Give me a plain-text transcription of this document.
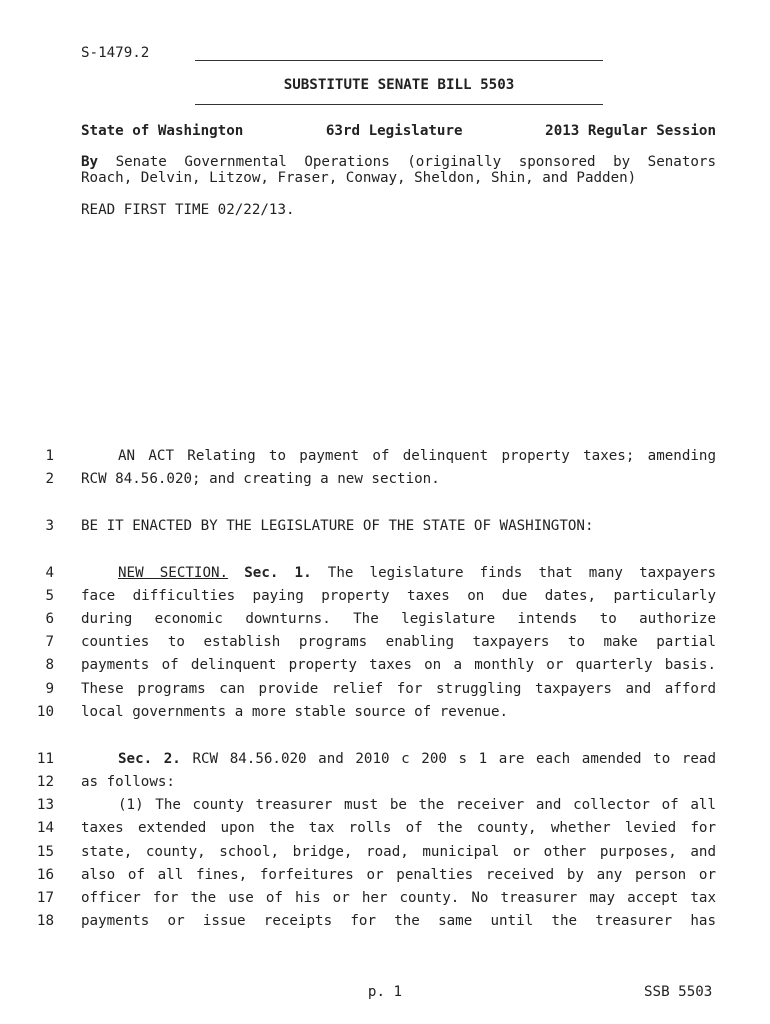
S-1479.2
SUBSTITUTE SENATE BILL 5503
State of Washington	63rd Legislature	2013 Regular Session
By Senate Governmental Operations (originally sponsored by Senators
Roach, Delvin, Litzow, Fraser, Conway, Sheldon, Shin, and Padden)
READ FIRST TIME 02/22/13.
1	AN ACT Relating to payment of delinquent property taxes; amending
2 RCW 84.56.020; and creating a new section.
3 BE IT ENACTED BY THE LEGISLATURE OF THE STATE OF WASHINGTON:
4	NEW SECTION. Sec. 1. The legislature finds that many taxpayers
5 face difficulties paying property taxes on due dates, particularly
6 during economic downturns. The legislature intends to authorize
7 counties to establish programs enabling taxpayers to make partial
8 payments of delinquent property taxes on a monthly or quarterly basis.
9 These programs can provide relief for struggling taxpayers and afford
10 local governments a more stable source of revenue.
11	Sec. 2. RCW 84.56.020 and 2010 c 200 s 1 are each amended to read
12 as follows:
13	(1) The county treasurer must be the receiver and collector of all
14 taxes extended upon the tax rolls of the county, whether levied for
15 state, county, school, bridge, road, municipal or other purposes, and
16 also of all fines, forfeitures or penalties received by any person or
17 officer for the use of his or her county. No treasurer may accept tax
18 payments or issue receipts for the same until the treasurer has
p. 1	SSB 5503
